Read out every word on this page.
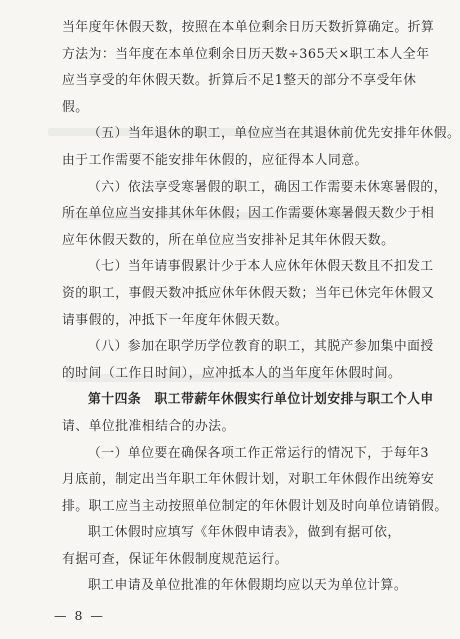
当年度年休假天数，按照在本单位剩余日历天数折算确定。折算
方法为：当年度在本单位剩余日历天数÷365天×职工本人全年
应当享受的年休假天数。折算后不足1整天的部分不享受年休
假。
（五）当年退休的职工，单位应当在其退休前优先安排年休假。
由于工作需要不能安排年休假的，应征得本人同意。
（六）依法享受寒暑假的职工，确因工作需要未休寒暑假的，
所在单位应当安排其休年休假；因工作需要休寒暑假天数少于相
应年休假天数的，所在单位应当安排补足其年休假天数。
（七）当年请事假累计少于本人应休年休假天数且不扣发工
资的职工，事假天数冲抵应休年休假天数；当年已休完年休假又
请事假的，冲抵下一年度年休假天数。
（八）参加在职学历学位教育的职工，其脱产参加集中面授
的时间（工作日时间），应冲抵本人的当年度年休假时间。
第十四条　职工带薪年休假实行单位计划安排与职工个人申
请、单位批准相结合的办法。
（一）单位要在确保各项工作正常运行的情况下，于每年3
月底前，制定出当年职工年休假计划，对职工年休假作出统筹安
排。职工应当主动按照单位制定的年休假计划及时向单位请销假。
职工休假时应填写《年休假申请表》，做到有据可依，
有据可查，保证年休假制度规范运行。
职工申请及单位批准的年休假期均应以天为单位计算。
— 8 —
